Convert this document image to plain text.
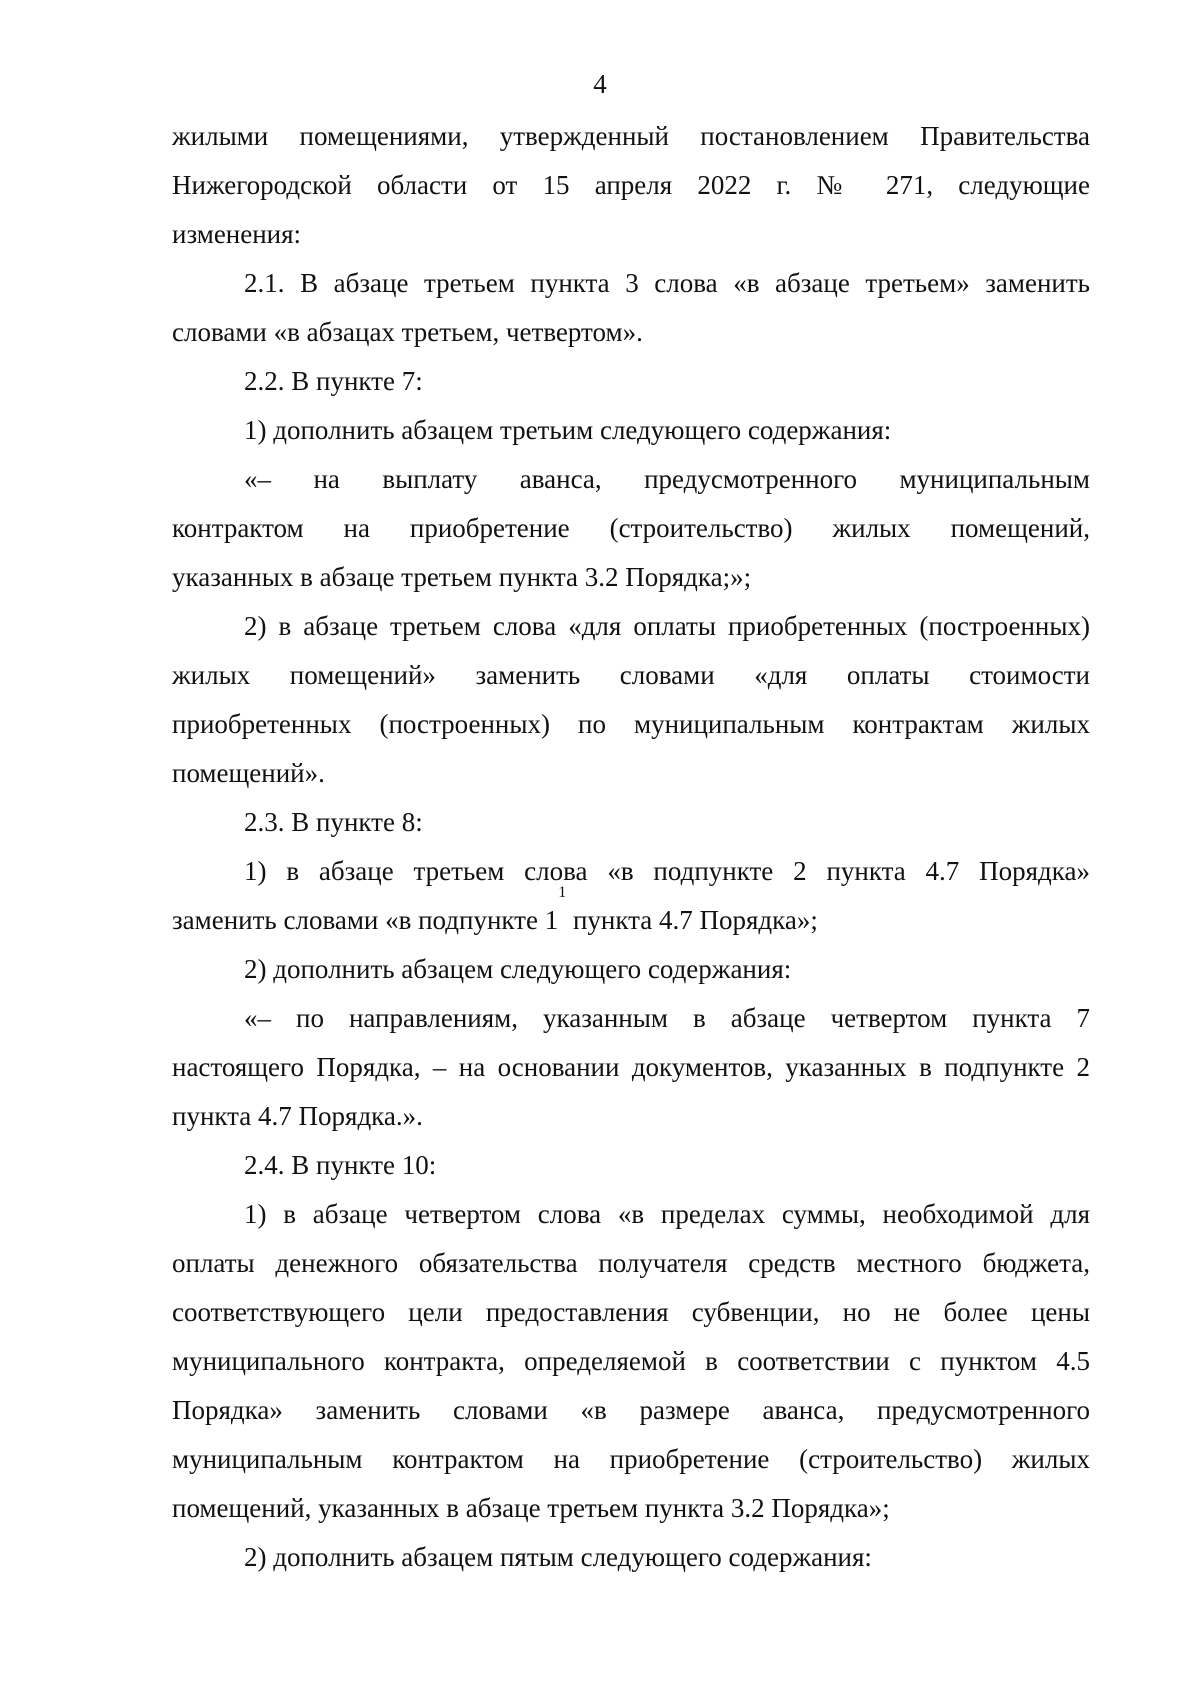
4
жилыми помещениями, утвержденный постановлением Правительства
Нижегородской области от 15 апреля 2022 г. № 271, следующие
изменения:
2.1. В абзаце третьем пункта 3 слова «в абзаце третьем» заменить
словами «в абзацах третьем, четвертом».
2.2. В пункте 7:
1) дополнить абзацем третьим следующего содержания:
«– на выплату аванса, предусмотренного муниципальным
контрактом на приобретение (строительство) жилых помещений,
указанных в абзаце третьем пункта 3.2 Порядка;»;
2) в абзаце третьем слова «для оплаты приобретенных (построенных)
жилых помещений» заменить словами «для оплаты стоимости
приобретенных (построенных) по муниципальным контрактам жилых
помещений».
2.3. В пункте 8:
1) в абзаце третьем слова «в подпункте 2 пункта 4.7 Порядка»
заменить словами «в подпункте $1^1$ пункта 4.7 Порядка»;
2) дополнить абзацем следующего содержания:
«– по направлениям, указанным в абзаце четвертом пункта 7
настоящего Порядка, – на основании документов, указанных в подпункте 2
пункта 4.7 Порядка.».
2.4. В пункте 10:
1) в абзаце четвертом слова «в пределах суммы, необходимой для
оплаты денежного обязательства получателя средств местного бюджета,
соответствующего цели предоставления субвенции, но не более цены
муниципального контракта, определяемой в соответствии с пунктом 4.5
Порядка» заменить словами «в размере аванса, предусмотренного
муниципальным контрактом на приобретение (строительство) жилых
помещений, указанных в абзаце третьем пункта 3.2 Порядка»;
2) дополнить абзацем пятым следующего содержания:
